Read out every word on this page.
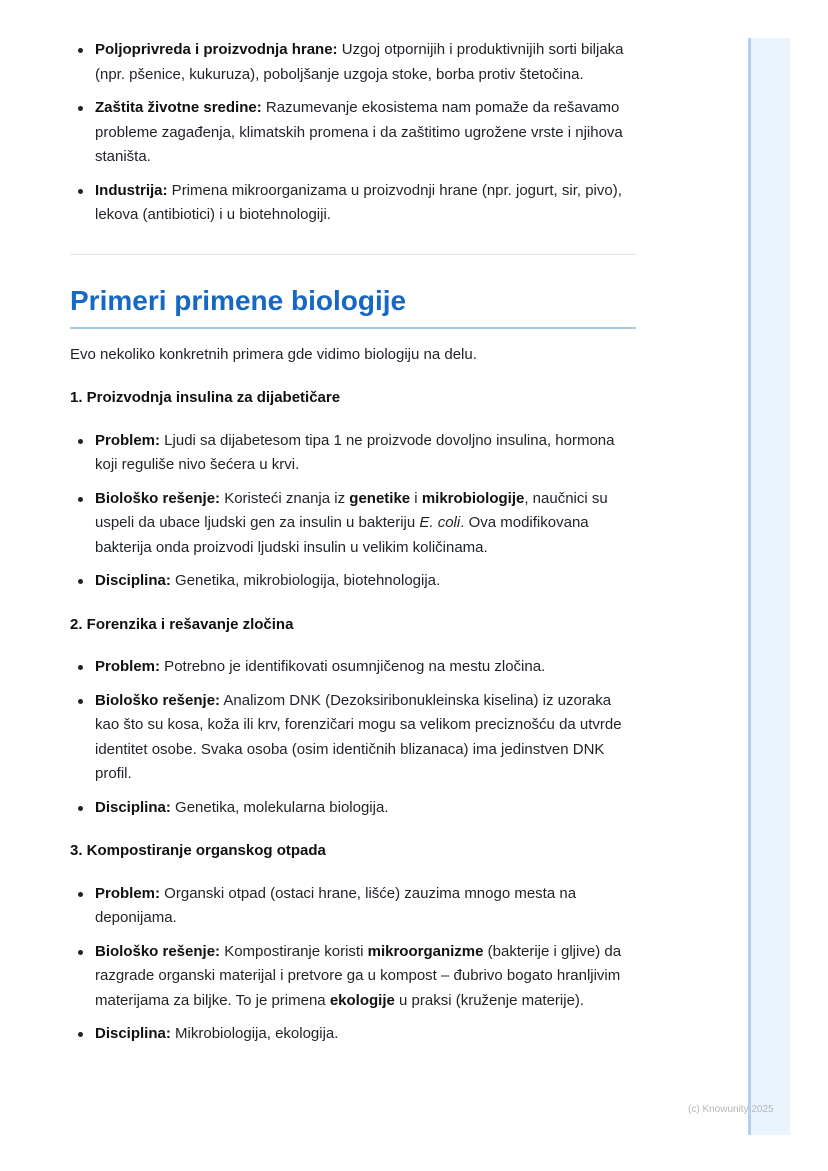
Poljoprivreda i proizvodnja hrane: Uzgoj otpornijih i produktivnijih sorti biljaka (npr. pšenice, kukuruza), poboljšanje uzgoja stoke, borba protiv štetočina.
Zaštita životne sredine: Razumevanje ekosistema nam pomaže da rešavamo probleme zagađenja, klimatskih promena i da zaštitimo ugrožene vrste i njihova staništa.
Industrija: Primena mikroorganizama u proizvodnji hrane (npr. jogurt, sir, pivo), lekova (antibiotici) i u biotehnologiji.
Primeri primene biologije

Evo nekoliko konkretnih primera gde vidimo biologiju na delu.

1. Proizvodnja insulina za dijabetičare
Problem: Ljudi sa dijabetesom tipa 1 ne proizvode dovoljno insulina, hormona koji reguliše nivo šećera u krvi.
Biološko rešenje: Koristeći znanja iz genetike i mikrobiologije, naučnici su uspeli da ubace ljudski gen za insulin u bakteriju E. coli. Ova modifikovana bakterija onda proizvodi ljudski insulin u velikim količinama.
Disciplina: Genetika, mikrobiologija, biotehnologija.
2. Forenzika i rešavanje zločina
Problem: Potrebno je identifikovati osumnjičenog na mestu zločina.
Biološko rešenje: Analizom DNK (Dezoksiribonukleinska kiselina) iz uzoraka kao što su kosa, koža ili krv, forenzičari mogu sa velikom preciznošću da utvrde identitet osobe. Svaka osoba (osim identičnih blizanaca) ima jedinstven DNK profil.
Disciplina: Genetika, molekularna biologija.
3. Kompostiranje organskog otpada
Problem: Organski otpad (ostaci hrane, lišće) zauzima mnogo mesta na deponijama.
Biološko rešenje: Kompostiranje koristi mikroorganizme (bakterije i gljive) da razgrade organski materijal i pretvore ga u kompost – đubrivo bogato hranljivim materijama za biljke. To je primena ekologije u praksi (kruženje materije).
Disciplina: Mikrobiologija, ekologija.
(c) Knowunity 2025
